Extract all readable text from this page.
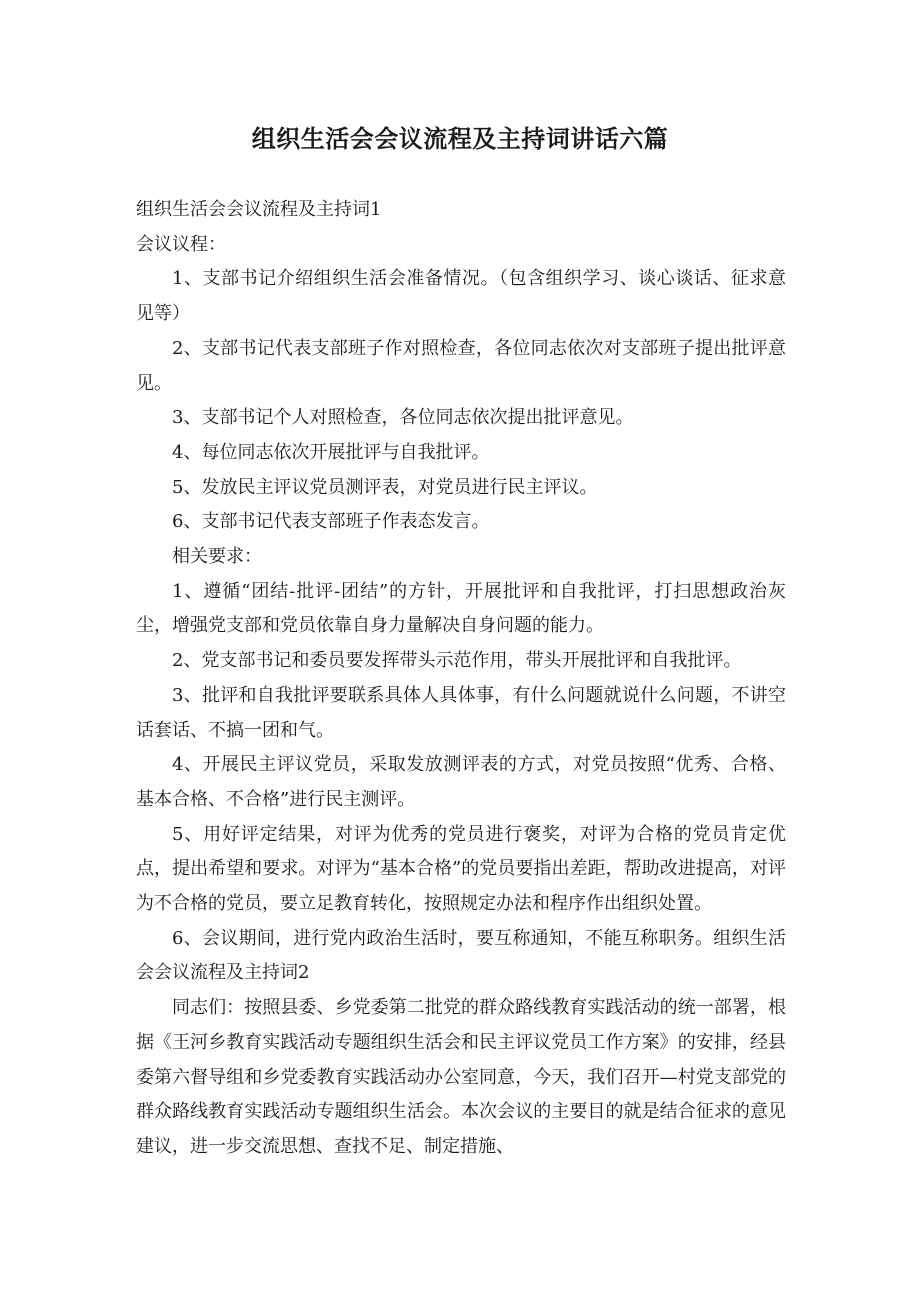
组织生活会会议流程及主持词讲话六篇

组织生活会会议流程及主持词1

会议议程：

1、支部书记介绍组织生活会准备情况。（包含组织学习、谈心谈话、征求意见等）

2、支部书记代表支部班子作对照检查，各位同志依次对支部班子提出批评意见。

3、支部书记个人对照检查，各位同志依次提出批评意见。

4、每位同志依次开展批评与自我批评。

5、发放民主评议党员测评表，对党员进行民主评议。

6、支部书记代表支部班子作表态发言。

相关要求：

1、遵循“团结-批评-团结”的方针，开展批评和自我批评，打扫思想政治灰尘，增强党支部和党员依靠自身力量解决自身问题的能力。

2、党支部书记和委员要发挥带头示范作用，带头开展批评和自我批评。

3、批评和自我批评要联系具体人具体事，有什么问题就说什么问题，不讲空话套话、不搞一团和气。

4、开展民主评议党员，采取发放测评表的方式，对党员按照“优秀、合格、基本合格、不合格”进行民主测评。

5、用好评定结果，对评为优秀的党员进行褒奖，对评为合格的党员肯定优点，提出希望和要求。对评为“基本合格”的党员要指出差距，帮助改进提高，对评为不合格的党员，要立足教育转化，按照规定办法和程序作出组织处置。

6、会议期间，进行党内政治生活时，要互称通知，不能互称职务。组织生活会会议流程及主持词2

同志们：按照县委、乡党委第二批党的群众路线教育实践活动的统一部署，根据《王河乡教育实践活动专题组织生活会和民主评议党员工作方案》的安排，经县委第六督导组和乡党委教育实践活动办公室同意，今天，我们召开—村党支部党的群众路线教育实践活动专题组织生活会。本次会议的主要目的就是结合征求的意见建议，进一步交流思想、查找不足、制定措施、
